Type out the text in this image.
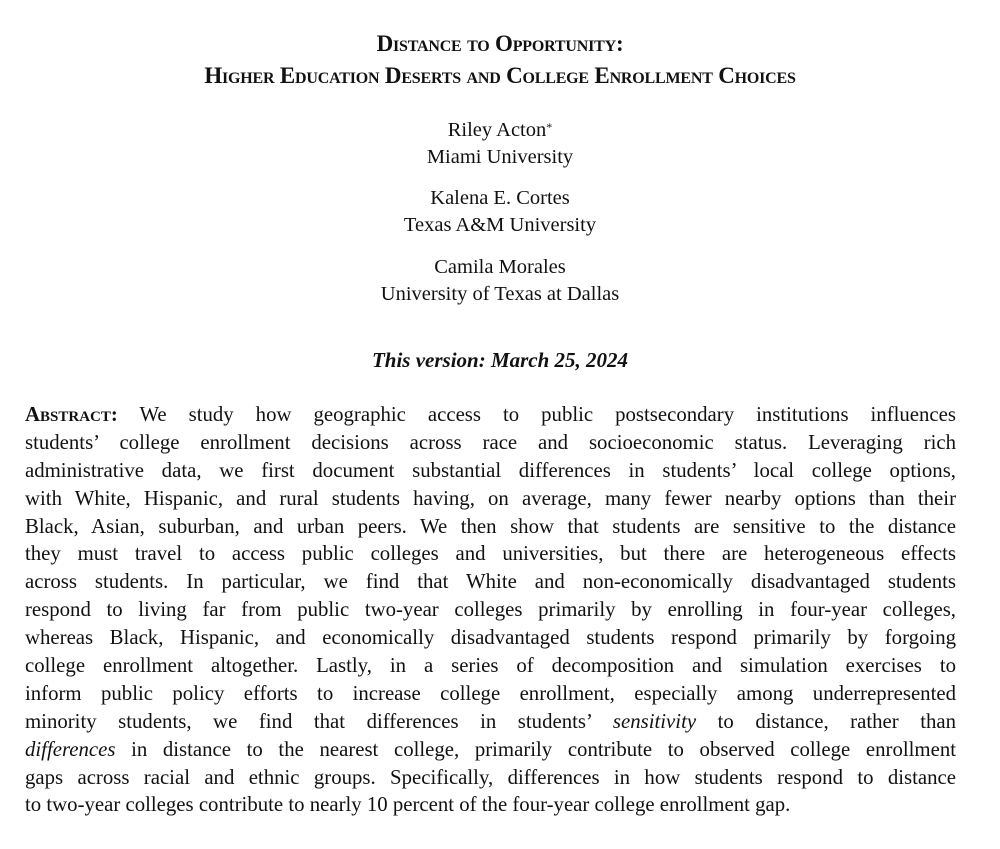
Distance to Opportunity:
Higher Education Deserts and College Enrollment Choices
Riley Acton*
Miami University
Kalena E. Cortes
Texas A&M University
Camila Morales
University of Texas at Dallas
This version: March 25, 2024
Abstract: We study how geographic access to public postsecondary institutions influences
students’ college enrollment decisions across race and socioeconomic status. Leveraging rich
administrative data, we first document substantial differences in students’ local college options,
with White, Hispanic, and rural students having, on average, many fewer nearby options than their
Black, Asian, suburban, and urban peers. We then show that students are sensitive to the distance
they must travel to access public colleges and universities, but there are heterogeneous effects
across students. In particular, we find that White and non-economically disadvantaged students
respond to living far from public two-year colleges primarily by enrolling in four-year colleges,
whereas Black, Hispanic, and economically disadvantaged students respond primarily by forgoing
college enrollment altogether. Lastly, in a series of decomposition and simulation exercises to
inform public policy efforts to increase college enrollment, especially among underrepresented
minority students, we find that differences in students’ sensitivity to distance, rather than
differences in distance to the nearest college, primarily contribute to observed college enrollment
gaps across racial and ethnic groups. Specifically, differences in how students respond to distance
to two-year colleges contribute to nearly 10 percent of the four-year college enrollment gap.
